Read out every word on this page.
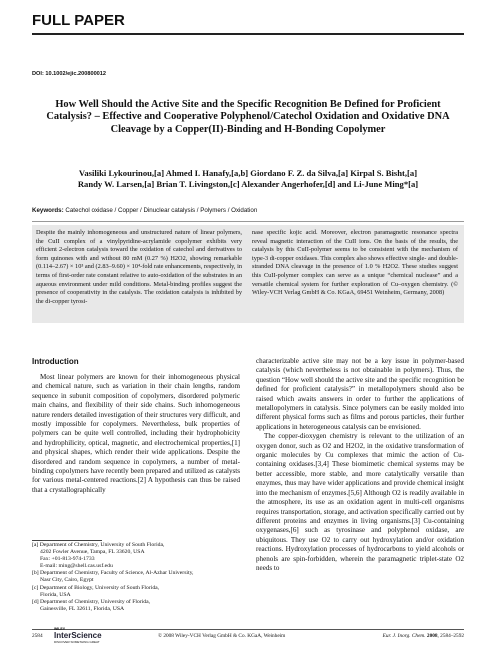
FULL PAPER
DOI: 10.1002/ejic.200800012
How Well Should the Active Site and the Specific Recognition Be Defined for Proficient Catalysis? – Effective and Cooperative Polyphenol/Catechol Oxidation and Oxidative DNA Cleavage by a Copper(II)-Binding and H-Bonding Copolymer
Vasiliki Lykourinou,[a] Ahmed I. Hanafy,[a,b] Giordano F. Z. da Silva,[a] Kirpal S. Bisht,[a]
Randy W. Larsen,[a] Brian T. Livingston,[c] Alexander Angerhofer,[d] and Li-June Ming*[a]
Keywords: Catechol oxidase / Copper / Dinuclear catalysis / Polymers / Oxidation
Despite the mainly inhomogeneous and unstructured nature of linear polymers, the CuII complex of a vinylpyridine-acrylamide copolymer exhibits very efficient 2-electron catalysis toward the oxidation of catechol and derivatives to form quinones with and without 80 mM (0.27 %) H2O2, showing remarkable (0.114–2.67) × 10³ and (2.83–9.60) × 10⁴-fold rate enhancements, respectively, in terms of first-order rate constant relative to auto-oxidation of the substrates in an aqueous environment under mild conditions. Metal-binding profiles suggest the presence of cooperativity in the catalysis. The oxidation catalysis is inhibited by the di-copper tyrosi-
nase specific kojic acid. Moreover, electron paramagnetic resonance spectra reveal magnetic interaction of the CuII ions. On the basis of the results, the catalysis by this CuII-polymer seems to be consistent with the mechanism of type-3 di-copper oxidases. This complex also shows effective single- and double-stranded DNA cleavage in the presence of 1.0 % H2O2. These studies suggest this CuII-polymer complex can serve as a unique “chemical nuclease” and a versatile chemical system for further exploration of Cu–oxygen chemistry. (© Wiley-VCH Verlag GmbH & Co. KGaA, 69451 Weinheim, Germany, 2008)
Introduction

Most linear polymers are known for their inhomogeneous physical and chemical nature, such as variation in their chain lengths, random sequence in subunit composition of copolymers, disordered polymeric main chains, and flexibility of their side chains. Such inhomogeneous nature renders detailed investigation of their structures very difficult, and mostly impossible for copolymers. Nevertheless, bulk properties of polymers can be quite well controlled, including their hydrophobicity and hydrophilicity, optical, magnetic, and electrochemical properties,[1] and physical shapes, which render their wide applications. Despite the disordered and random sequence in copolymers, a number of metal-binding copolymers have recently been prepared and utilized as catalysts for various metal-centered reactions.[2] A hypothesis can thus be raised that a crystallographically

[a] Department of Chemistry, University of South Florida,
4202 Fowler Avenue, Tampa, FL 33620, USA
Fax: +01-813-974-1733
E-mail: ming@shell.cas.usf.edu
[b] Department of Chemistry, Faculty of Science, Al-Azhar University,
Nasr City, Cairo, Egypt
[c] Department of Biology, University of South Florida,
Florida, USA
[d] Department of Chemistry, University of Florida,
Gainesville, FL 32611, Florida, USA

characterizable active site may not be a key issue in polymer-based catalysis (which nevertheless is not obtainable in polymers). Thus, the question “How well should the active site and the specific recognition be defined for proficient catalysis?” in metallopolymers should also be raised which awaits answers in order to further the applications of metallopolymers in catalysis. Since polymers can be easily molded into different physical forms such as films and porous particles, their further applications in heterogeneous catalysis can be envisioned.

The copper-dioxygen chemistry is relevant to the utilization of an oxygen donor, such as O2 and H2O2, in the oxidative transformation of organic molecules by Cu complexes that mimic the action of Cu-containing oxidases.[3,4] These biomimetic chemical systems may be better accessible, more stable, and more catalytically versatile than enzymes, thus may have wider applications and provide chemical insight into the mechanism of enzymes.[5,6] Although O2 is readily available in the atmosphere, its use as an oxidation agent in multi-cell organisms requires transportation, storage, and activation specifically carried out by different proteins and enzymes in living organisms.[3] Cu-containing oxygenases,[6] such as tyrosinase and polyphenol oxidase, are ubiquitous. They use O2 to carry out hydroxylation and/or oxidation reactions. Hydroxylation processes of hydrocarbons to yield alcohols or phenols are spin-forbidden, wherein the paramagnetic triplet-state O2 needs to

2584
WILEY
InterScience
DISCOVER SOMETHING GREAT
© 2008 Wiley-VCH Verlag GmbH & Co. KGaA, Weinheim	Eur. J. Inorg. Chem. 2008, 2584–2592
